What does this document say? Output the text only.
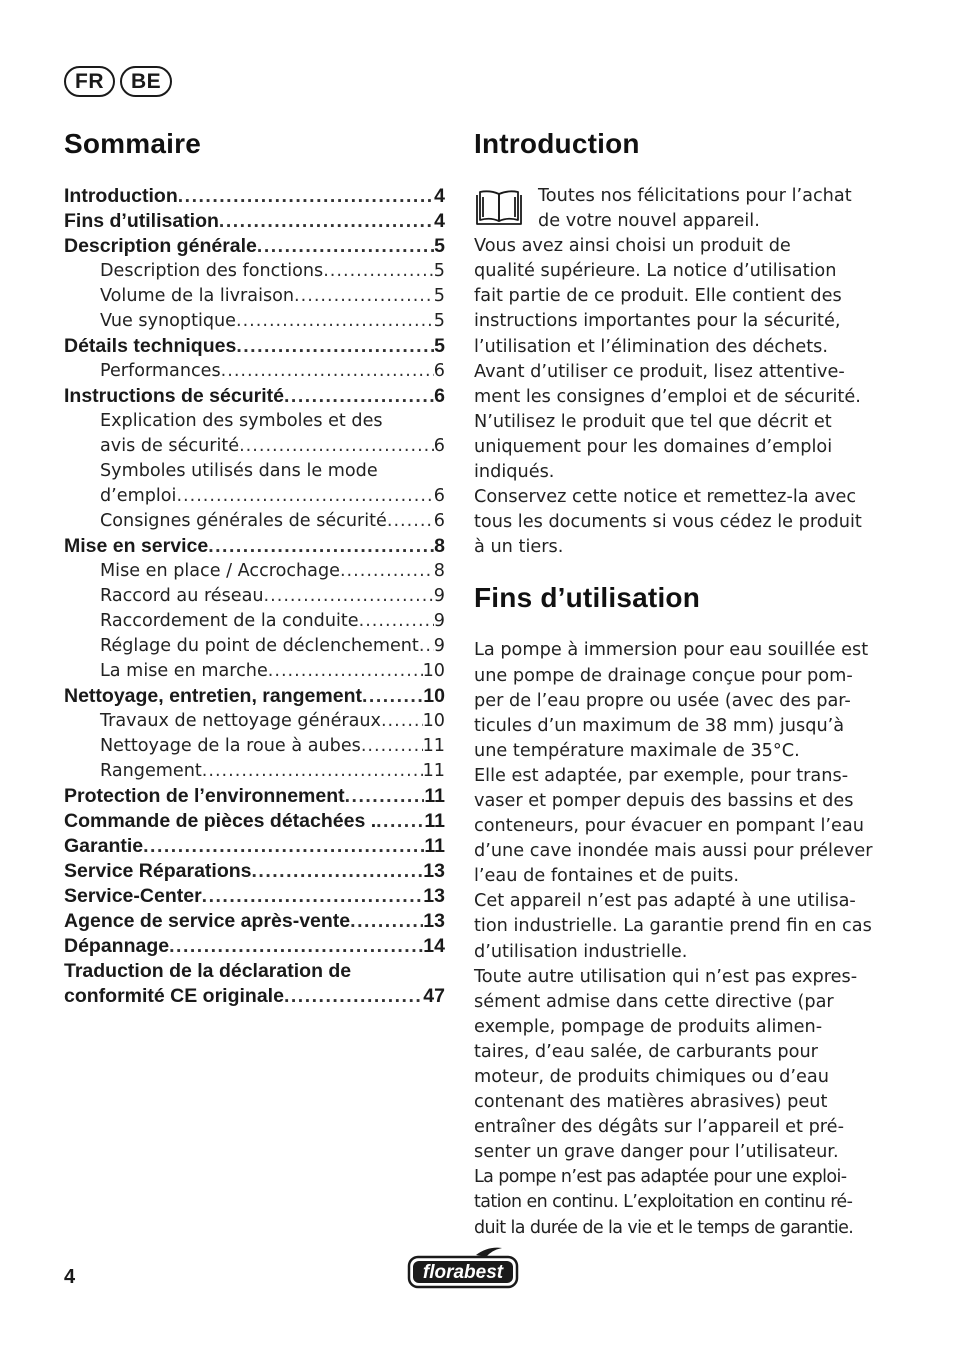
FR	BE
Sommaire
Introduction .....	4
Fins d’utilisation .....	4
Description générale .....	5
Description des fonctions .....	5
Volume de la livraison .....	5
Vue synoptique .....	5
Détails techniques .....	5
Performances .....	6
Instructions de sécurité .....	6
Explication des symboles et des
avis de sécurité .....	6
Symboles utilisés dans le mode
d’emploi .....	6
Consignes générales de sécurité .....	6
Mise en service .....	8
Mise en place / Accrochage .....	8
Raccord au réseau .....	9
Raccordement de la conduite .....	9
Réglage du point de déclenchement ..... 9
La mise en marche .....	10
Nettoyage, entretien, rangement .....	10
Travaux de nettoyage généraux ..... 10
Nettoyage de la roue à aubes .....	11
Rangement .....	11
Protection de l’environnement .....	11
Commande de pièces détachées . ..... 11
Garantie .....	11
Service Réparations .....	13
Service-Center .....	13
Agence de service après-vente .....	13
Dépannage .....	14
Traduction de la déclaration de
conformité CE originale .....	47
Introduction

Toutes nos félicitations pour l’achat

de votre nouvel appareil.

Vous avez ainsi choisi un produit de

qualité supérieure. La notice d’utilisation

fait partie de ce produit. Elle contient des

instructions importantes pour la sécurité,

l’utilisation et l’élimination des déchets.

Avant d’utiliser ce produit, lisez attentive-

ment les consignes d’emploi et de sécurité.

N’utilisez le produit que tel que décrit et

uniquement pour les domaines d’emploi

indiqués.

Conservez cette notice et remettez-la avec

tous les documents si vous cédez le produit

à un tiers.

Fins d’utilisation

La pompe à immersion pour eau souillée est

une pompe de drainage conçue pour pom-

per de l’eau propre ou usée (avec des par-

ticules d’un maximum de 38 mm) jusqu’à

une température maximale de 35°C.

Elle est adaptée, par exemple, pour trans-

vaser et pomper depuis des bassins et des

conteneurs, pour évacuer en pompant l’eau

d’une cave inondée mais aussi pour prélever

l’eau de fontaines et de puits.

Cet appareil n’est pas adapté à une utilisa-

tion industrielle. La garantie prend fin en cas

d’utilisation industrielle.

Toute autre utilisation qui n’est pas expres-

sément admise dans cette directive (par

exemple, pompage de produits alimen-

taires, d’eau salée, de carburants pour

moteur, de produits chimiques ou d’eau

contenant des matières abrasives) peut

entraîner des dégâts sur l’appareil et pré-

senter un grave danger pour l’utilisateur.

La pompe n’est pas adaptée pour une exploi-

tation en continu. L’exploitation en continu ré-

duit la durée de la vie et le temps de garantie.

4	florabest
